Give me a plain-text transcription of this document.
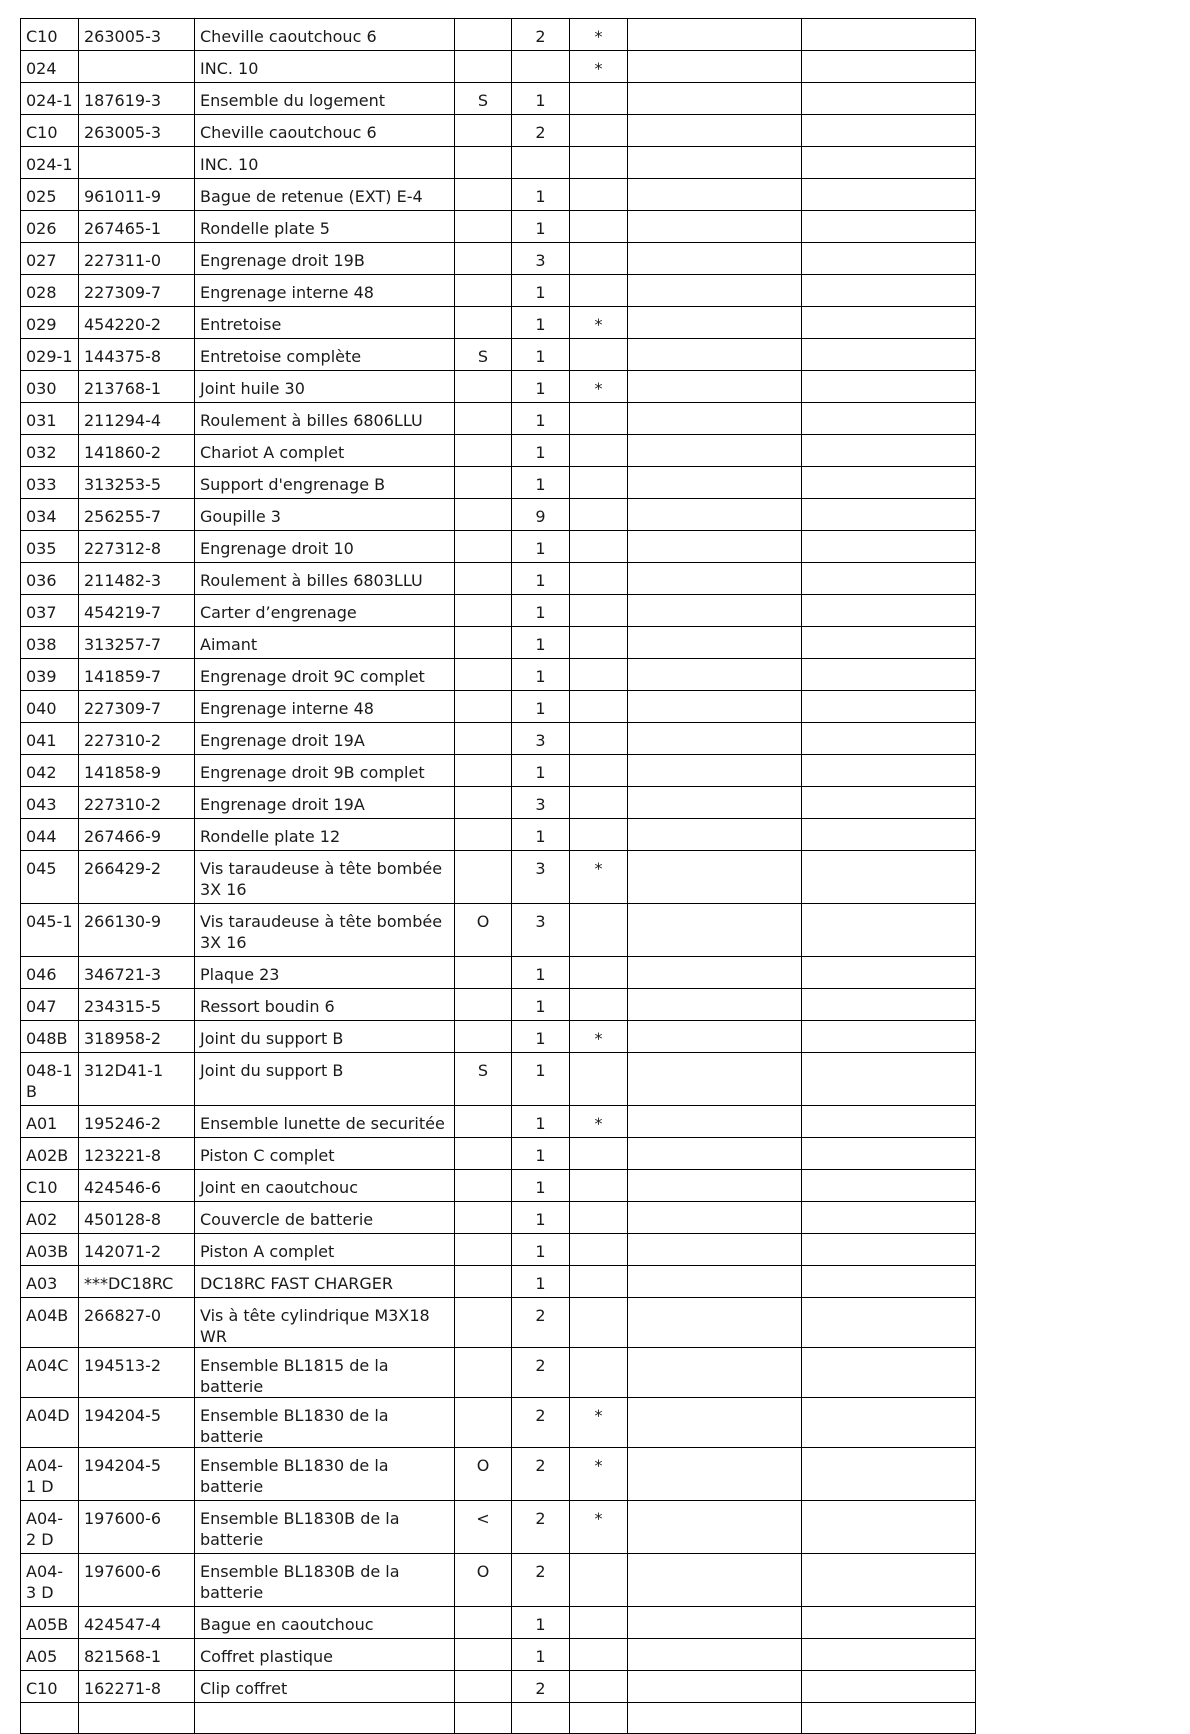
C10	263005-3	Cheville caoutchouc 6		2	*		
024		INC. 10			*		
024-1	187619-3	Ensemble du logement	S	1			
C10	263005-3	Cheville caoutchouc 6		2			
024-1		INC. 10					
025	961011-9	Bague de retenue (EXT) E-4		1			
026	267465-1	Rondelle plate 5		1			
027	227311-0	Engrenage droit 19B		3			
028	227309-7	Engrenage interne 48		1			
029	454220-2	Entretoise		1	*		
029-1	144375-8	Entretoise complète	S	1			
030	213768-1	Joint huile 30		1	*		
031	211294-4	Roulement à billes 6806LLU		1			
032	141860-2	Chariot A complet		1			
033	313253-5	Support d'engrenage B		1			
034	256255-7	Goupille 3		9			
035	227312-8	Engrenage droit 10		1			
036	211482-3	Roulement à billes 6803LLU		1			
037	454219-7	Carter d’engrenage		1			
038	313257-7	Aimant		1			
039	141859-7	Engrenage droit 9C complet		1			
040	227309-7	Engrenage interne 48		1			
041	227310-2	Engrenage droit 19A		3			
042	141858-9	Engrenage droit 9B complet		1			
043	227310-2	Engrenage droit 19A		3			
044	267466-9	Rondelle plate 12		1			
045	266429-2	Vis taraudeuse à tête bombée 3X 16		3	*		
045-1	266130-9	Vis taraudeuse à tête bombée 3X 16	O	3			
046	346721-3	Plaque 23		1			
047	234315-5	Ressort boudin 6		1			
048B	318958-2	Joint du support B		1	*		
048-1 B	312D41-1	Joint du support B	S	1			
A01	195246-2	Ensemble lunette de securitée		1	*		
A02B	123221-8	Piston C complet		1			
C10	424546-6	Joint en caoutchouc		1			
A02	450128-8	Couvercle de batterie		1			
A03B	142071-2	Piston A complet		1			
A03	***DC18RC	DC18RC FAST CHARGER		1			
A04B	266827-0	Vis à tête cylindrique M3X18 WR		2			
A04C	194513-2	Ensemble BL1815 de la batterie		2			
A04D	194204-5	Ensemble BL1830 de la batterie		2	*		
A04-1 D	194204-5	Ensemble BL1830 de la batterie	O	2	*		
A04-2 D	197600-6	Ensemble BL1830B de la batterie	<	2	*		
A04-3 D	197600-6	Ensemble BL1830B de la batterie	O	2			
A05B	424547-4	Bague en caoutchouc		1			
A05	821568-1	Coffret plastique		1			
C10	162271-8	Clip coffret		2			
